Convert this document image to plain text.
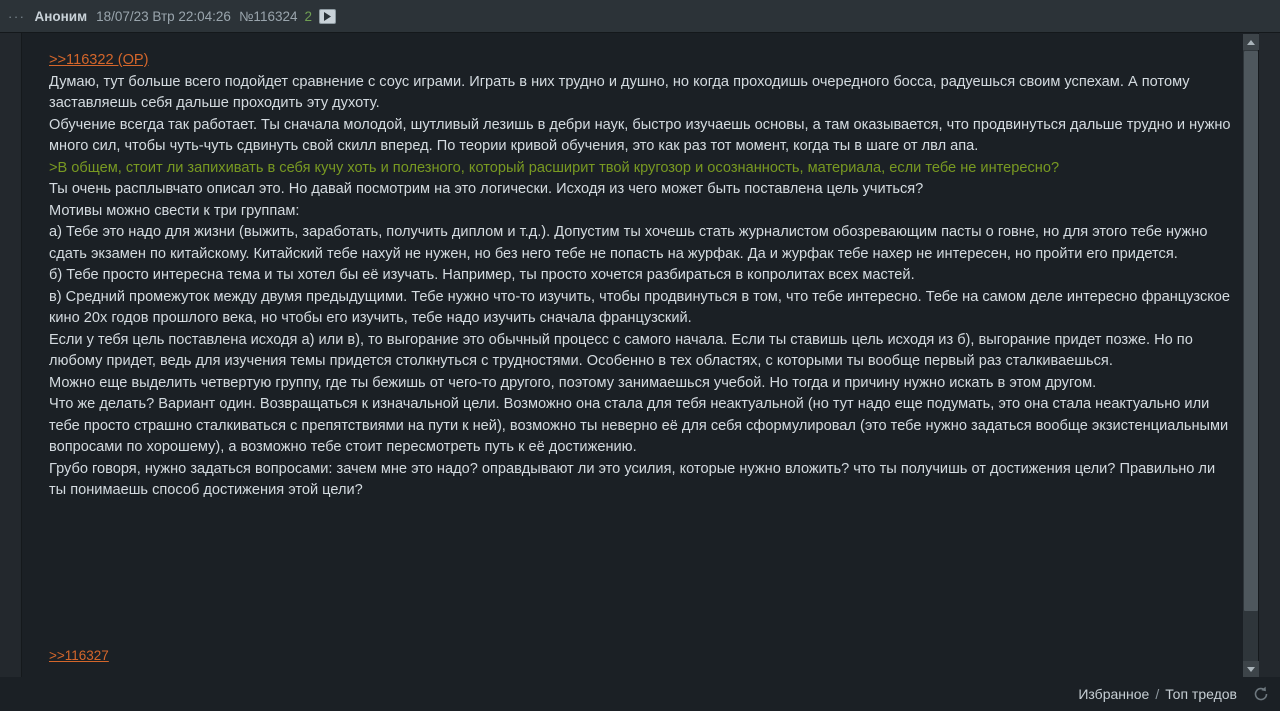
··· Аноним 18/07/23 Втр 22:04:26 №116324 2
>>116322 (OP)

Думаю, тут больше всего подойдет сравнение с соус играми. Играть в них трудно и душно, но когда проходишь очередного босса, радуешься своим успехам. А потому заставляешь себя дальше проходить эту духоту.

Обучение всегда так работает. Ты сначала молодой, шутливый лезишь в дебри наук, быстро изучаешь основы, а там оказывается, что продвинуться дальше трудно и нужно много сил, чтобы чуть-чуть сдвинуть свой скилл вперед. По теории кривой обучения, это как раз тот момент, когда ты в шаге от лвл апа.

>В общем, стоит ли запихивать в себя кучу хоть и полезного, который расширит твой кругозор и осознанность, материала, если тебе не интересно?

Ты очень расплывчато описал это. Но давай посмотрим на это логически. Исходя из чего может быть поставлена цель учиться?

Мотивы можно свести к три группам:

а) Тебе это надо для жизни (выжить, заработать, получить диплом и т.д.). Допустим ты хочешь стать журналистом обозревающим пасты о говне, но для этого тебе нужно сдать экзамен по китайскому. Китайский тебе нахуй не нужен, но без него тебе не попасть на журфак. Да и журфак тебе нахер не интересен, но пройти его придется.

б) Тебе просто интересна тема и ты хотел бы её изучать. Например, ты просто хочется разбираться в копролитах всех мастей.

в) Средний промежуток между двумя предыдущими. Тебе нужно что-то изучить, чтобы продвинуться в том, что тебе интересно. Тебе на самом деле интересно французское кино 20х годов прошлого века, но чтобы его изучить, тебе надо изучить сначала французский.

Если у тебя цель поставлена исходя а) или в), то выгорание это обычный процесс с самого начала. Если ты ставишь цель исходя из б), выгорание придет позже. Но по любому придет, ведь для изучения темы придется столкнуться с трудностями. Особенно в тех областях, с которыми ты вообще первый раз сталкиваешься.

Можно еще выделить четвертую группу, где ты бежишь от чего-то другого, поэтому занимаешься учебой. Но тогда и причину нужно искать в этом другом.

Что же делать? Вариант один. Возвращаться к изначальной цели. Возможно она стала для тебя неактуальной (но тут надо еще подумать, это она стала неактуально или тебе просто страшно сталкиваться с препятствиями на пути к ней), возможно ты неверно её для себя сформулировал (это тебе нужно задаться вообще экзистенциальными вопросами по хорошему), а возможно тебе стоит пересмотреть путь к её достижению.

Грубо говоря, нужно задаться вопросами: зачем мне это надо? оправдывают ли это усилия, которые нужно вложить? что ты получишь от достижения цели? Правильно ли ты понимаешь способ достижения этой цели?

>>116327
Избранное / Топ тредов
